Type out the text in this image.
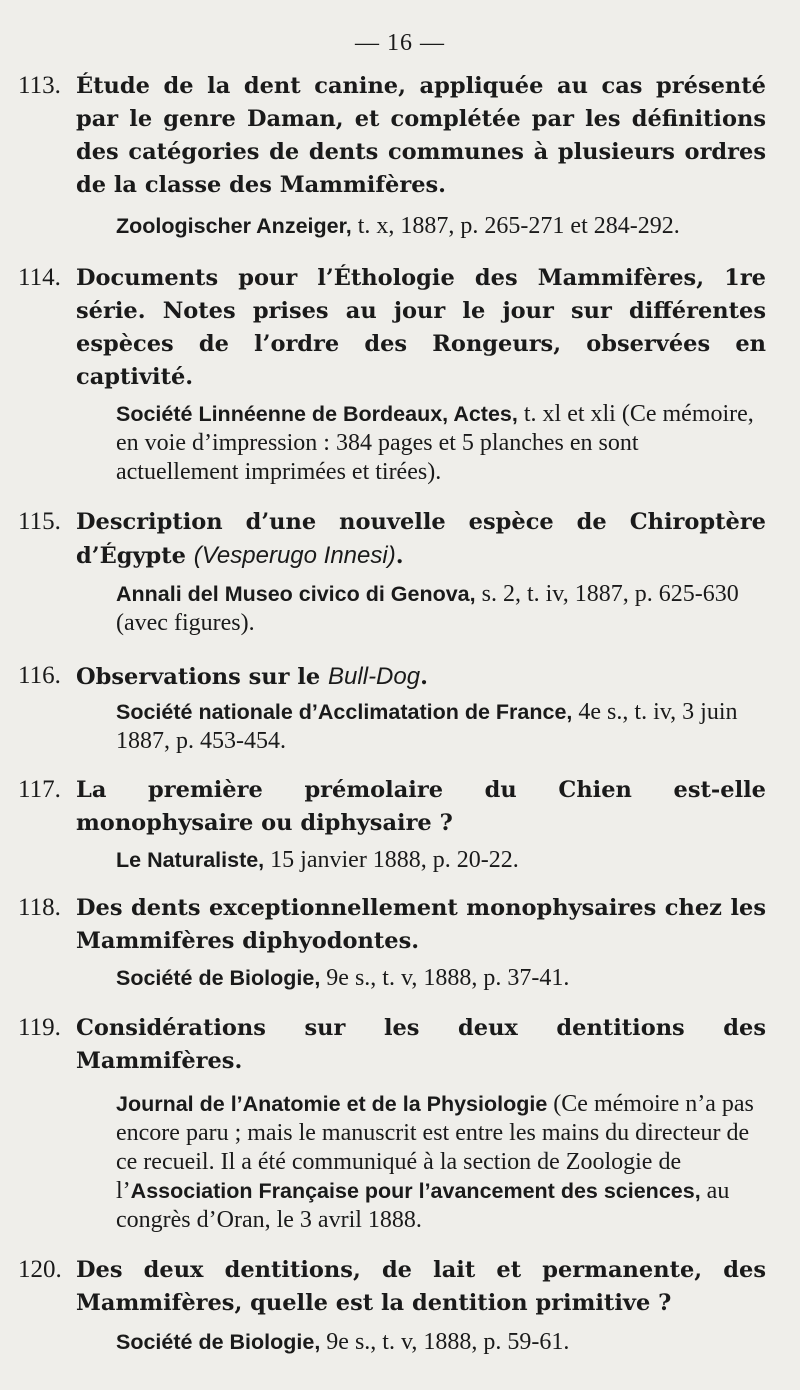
— 16 —
113. Étude de la dent canine, appliquée au cas présenté par le genre Daman, et complétée par les définitions des catégories de dents communes à plusieurs ordres de la classe des Mammifères.
Zoologischer Anzeiger, t. x, 1887, p. 265-271 et 284-292.
114. Documents pour l’Éthologie des Mammifères, 1re série. Notes prises au jour le jour sur différentes espèces de l’ordre des Rongeurs, observées en captivité.
Société Linnéenne de Bordeaux, Actes, t. xl et xli (Ce mémoire, en voie d’impression : 384 pages et 5 planches en sont actuellement imprimées et tirées).
115. Description d’une nouvelle espèce de Chiroptère d’Égypte (Vesperugo Innesi).
Annali del Museo civico di Genova, s. 2, t. iv, 1887, p. 625-630 (avec figures).
116. Observations sur le Bull-Dog.
Société nationale d’Acclimatation de France, 4e s., t. iv, 3 juin 1887, p. 453-454.
117. La première prémolaire du Chien est-elle monophysaire ou diphysaire ?
Le Naturaliste, 15 janvier 1888, p. 20-22.
118. Des dents exceptionnellement monophysaires chez les Mammifères diphyodontes.
Société de Biologie, 9e s., t. v, 1888, p. 37-41.
119. Considérations sur les deux dentitions des Mammifères.
Journal de l’Anatomie et de la Physiologie (Ce mémoire n’a pas encore paru ; mais le manuscrit est entre les mains du directeur de ce recueil. Il a été communiqué à la section de Zoologie de l’Association Française pour l’avancement des sciences, au congrès d’Oran, le 3 avril 1888.
120. Des deux dentitions, de lait et permanente, des Mammifères, quelle est la dentition primitive ?
Société de Biologie, 9e s., t. v, 1888, p. 59-61.
